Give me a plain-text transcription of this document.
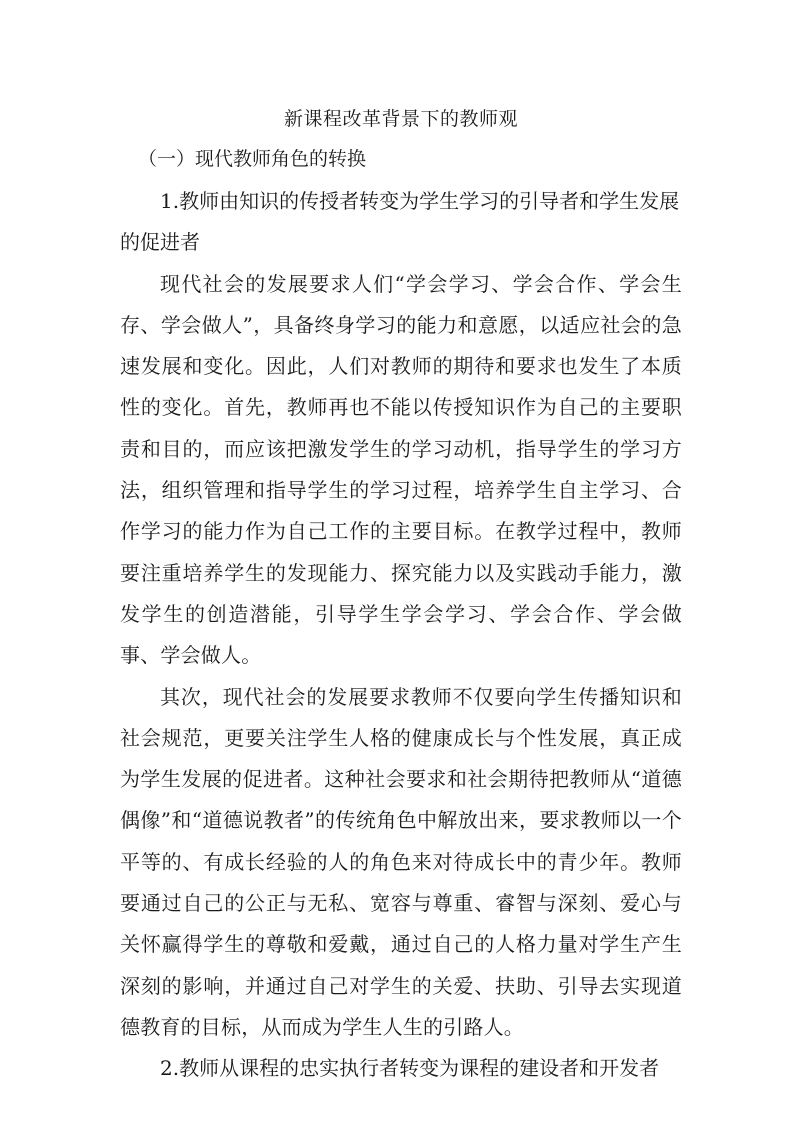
新课程改革背景下的教师观
（一）现代教师角色的转换

1.教师由知识的传授者转变为学生学习的引导者和学生发展的促进者

现代社会的发展要求人们“学会学习、学会合作、学会生存、学会做人”，具备终身学习的能力和意愿，以适应社会的急速发展和变化。因此，人们对教师的期待和要求也发生了本质性的变化。首先，教师再也不能以传授知识作为自己的主要职责和目的，而应该把激发学生的学习动机，指导学生的学习方法，组织管理和指导学生的学习过程，培养学生自主学习、合作学习的能力作为自己工作的主要目标。在教学过程中，教师要注重培养学生的发现能力、探究能力以及实践动手能力，激发学生的创造潜能，引导学生学会学习、学会合作、学会做事、学会做人。

其次，现代社会的发展要求教师不仅要向学生传播知识和社会规范，更要关注学生人格的健康成长与个性发展，真正成为学生发展的促进者。这种社会要求和社会期待把教师从“道德偶像”和“道德说教者”的传统角色中解放出来，要求教师以一个平等的、有成长经验的人的角色来对待成长中的青少年。教师要通过自己的公正与无私、宽容与尊重、睿智与深刻、爱心与关怀赢得学生的尊敬和爱戴，通过自己的人格力量对学生产生深刻的影响，并通过自己对学生的关爱、扶助、引导去实现道德教育的目标，从而成为学生人生的引路人。

2.教师从课程的忠实执行者转变为课程的建设者和开发者
